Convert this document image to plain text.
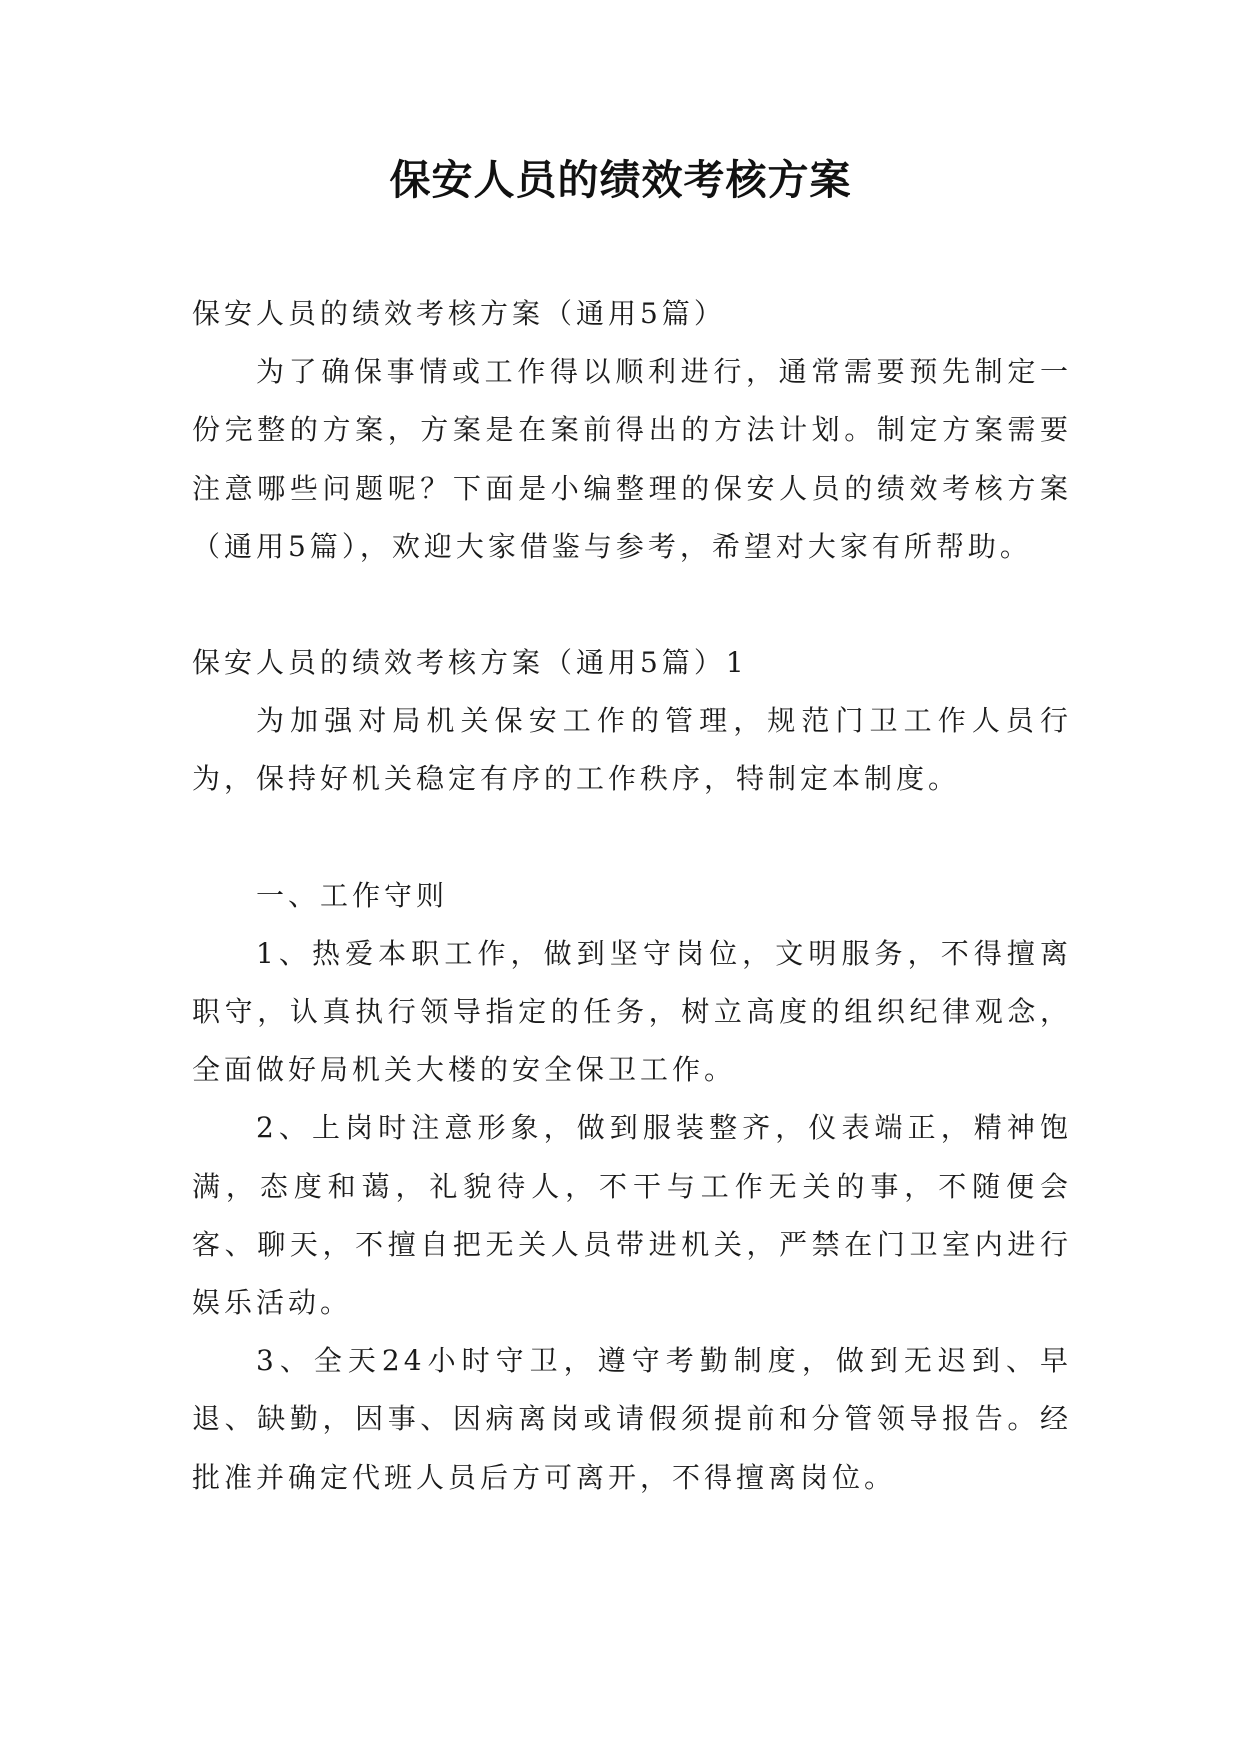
保安人员的绩效考核方案

保安人员的绩效考核方案（通用5篇）

为了确保事情或工作得以顺利进行，通常需要预先制定一份完整的方案，方案是在案前得出的方法计划。制定方案需要注意哪些问题呢？下面是小编整理的保安人员的绩效考核方案（通用5篇），欢迎大家借鉴与参考，希望对大家有所帮助。

保安人员的绩效考核方案（通用5篇）1

为加强对局机关保安工作的管理，规范门卫工作人员行为，保持好机关稳定有序的工作秩序，特制定本制度。

一、工作守则

1、热爱本职工作，做到坚守岗位，文明服务，不得擅离职守，认真执行领导指定的任务，树立高度的组织纪律观念，全面做好局机关大楼的安全保卫工作。

2、上岗时注意形象，做到服装整齐，仪表端正，精神饱满，态度和蔼，礼貌待人，不干与工作无关的事，不随便会客、聊天，不擅自把无关人员带进机关，严禁在门卫室内进行娱乐活动。

3、全天24小时守卫，遵守考勤制度，做到无迟到、早退、缺勤，因事、因病离岗或请假须提前和分管领导报告。经批准并确定代班人员后方可离开，不得擅离岗位。
